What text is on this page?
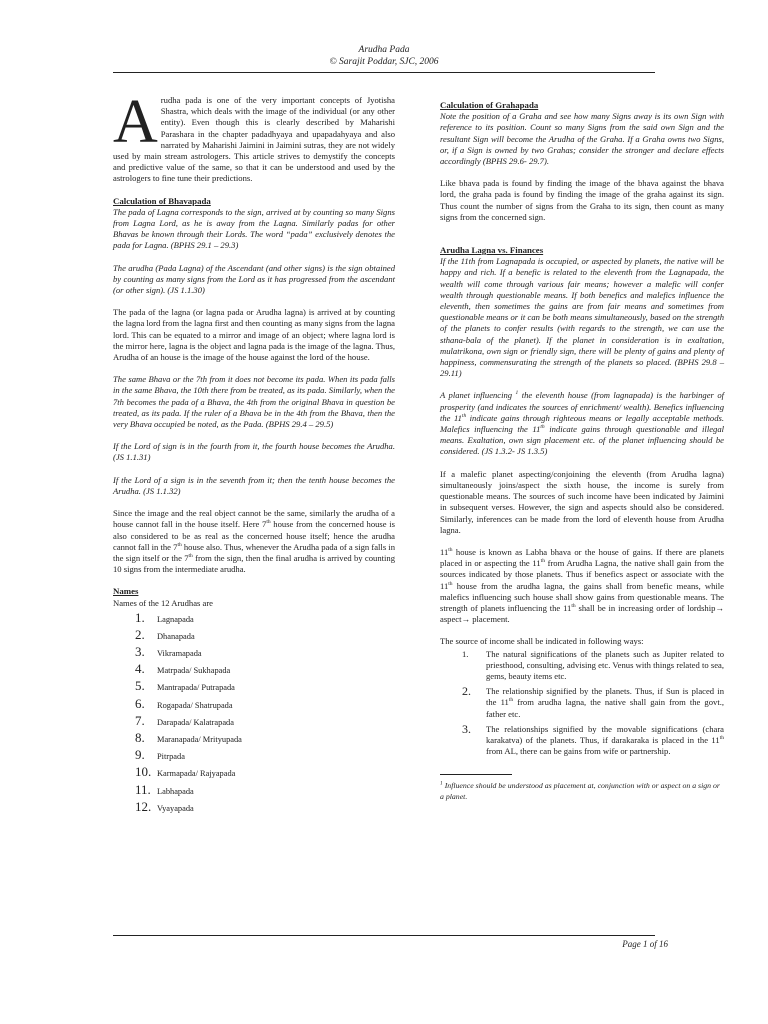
Arudha Pada
© Sarajit Poddar, SJC, 2006

Arudha pada is one of the very important concepts of Jyotisha Shastra, which deals with the image of the individual (or any other entity). Even though this is clearly described by Maharishi Parashara in the chapter padadhyaya and upapadahyaya and also narrated by Maharishi Jaimini in Jaimini sutras, they are not widely used by main stream astrologers. This article strives to demystify the concepts and predictive value of the same, so that it can be understood and used by the astrologers to fine tune their predictions.

Calculation of Bhavapada

The pada of Lagna corresponds to the sign, arrived at by counting so many Signs from Lagna Lord, as he is away from the Lagna. Similarly padas for other Bhavas be known through their Lords. The word “pada” exclusively denotes the pada for Lagna. (BPHS 29.1 – 29.3)

The arudha (Pada Lagna) of the Ascendant (and other signs) is the sign obtained by counting as many signs from the Lord as it has progressed from the ascendant (or other sign). (JS 1.1.30)

The pada of the lagna (or lagna pada or Arudha lagna) is arrived at by counting the lagna lord from the lagna first and then counting as many signs from the lagna lord. This can be equated to a mirror and image of an object; where lagna lord is the mirror here, lagna is the object and lagna pada is the image of the lagna. Thus, Arudha of an house is the image of the house against the lord of the house.

The same Bhava or the 7th from it does not become its pada. When its pada falls in the same Bhava, the 10th there from be treated, as its pada. Similarly, when the 7th becomes the pada of a Bhava, the 4th from the original Bhava in question be treated, as its pada. If the ruler of a Bhava be in the 4th from the Bhava, then the very Bhava occupied be noted, as the Pada. (BPHS 29.4 – 29.5)

If the Lord of sign is in the fourth from it, the fourth house becomes the Arudha. (JS 1.1.31)

If the Lord of a sign is in the seventh from it; then the tenth house becomes the Arudha. (JS 1.1.32)

Since the image and the real object cannot be the same, similarly the arudha of a house cannot fall in the house itself. Here 7th house from the concerned house is also considered to be as real as the concerned house itself; hence the arudha cannot fall in the 7th house also. Thus, whenever the Arudha pada of a sign falls in the sign itself or the 7th from the sign, then the final arudha is arrived by counting 10 signs from the intermediate arudha.

Names
Names of the 12 Arudhas are
1.	Lagnapada
2.	Dhanapada
3.	Vikramapada
4.	Matrpada/ Sukhapada
5.	Mantrapada/ Putrapada
6.	Rogapada/ Shatrupada
7.	Darapada/ Kalatrapada
8.	Maranapada/ Mrityupada
9.	Pitrpada
10. Karmapada/ Rajyapada
11. Labhapada
12. Vyayapada
Calculation of Grahapada

Note the position of a Graha and see how many Signs away is its own Sign with reference to its position. Count so many Signs from the said own Sign and the resultant Sign will become the Arudha of the Graha. If a Graha owns two Signs, or, if a Sign is owned by two Grahas; consider the stronger and declare effects accordingly (BPHS 29.6- 29.7).

Like bhava pada is found by finding the image of the bhava against the bhava lord, the graha pada is found by finding the image of the graha against its sign. Thus count the number of signs from the Graha to its sign, then count as many signs from the concerned sign.

Arudha Lagna vs. Finances

If the 11th from Lagnapada is occupied, or aspected by planets, the native will be happy and rich. If a benefic is related to the eleventh from the Lagnapada, the wealth will come through various fair means; however a malefic will confer wealth through questionable means. If both benefics and malefics influence the eleventh, then sometimes the gains are from fair means and sometimes from questionable means or it can be both means simultaneously, based on the strength of the planets to confer results (with regards to the strength, we can use the sthana-bala of the planet). If the planet in consideration is in exaltation, mulatrikona, own sign or friendly sign, there will be plenty of gains and plenty of happiness, commensurating the strength of the planets so placed. (BPHS 29.8 – 29.11)

A planet influencing $^1$ the eleventh house (from lagnapada) is the harbinger of prosperity (and indicates the sources of enrichment/ wealth). Benefics influencing the 11th indicate gains through righteous means or legally acceptable methods. Malefics influencing the 11th indicate gains through questionable and illegal means. Exaltation, own sign placement etc. of the planet influencing should be considered. (JS 1.3.2- JS 1.3.5)

If a malefic planet aspecting/conjoining the eleventh (from Arudha lagna) simultaneously joins/aspect the sixth house, the income is surely from questionable means. The sources of such income have been indicated by Jaimini in subsequent verses. However, the sign and aspects should also be considered. Similarly, inferences can be made from the lord of eleventh house from Arudha lagna.

11th house is known as Labha bhava or the house of gains. If there are planets placed in or aspecting the 11th from Arudha Lagna, the native shall gain from the sources indicated by those planets. Thus if benefics aspect or associate with the 11th house from the arudha lagna, the gains shall from benefic means, while malefics influencing such house shall show gains from questionable means. The strength of planets influencing the 11th shall be in increasing order of lordship→ aspect→ placement.

The source of income shall be indicated in following ways:
1.	The natural significations of the planets such as Jupiter related to priesthood, consulting, advising etc. Venus with things related to sea, gems, beauty items etc.
2.	The relationship signified by the planets. Thus, if Sun is placed in the 11th from arudha lagna, the native shall gain from the govt., father etc.
3.	The relationships signified by the movable significations (chara karakatva) of the planets. Thus, if darakaraka is placed in the 11th from AL, there can be gains from wife or partnership.
$^1$ Influence should be understood as placement at, conjunction with or aspect on a sign or a planet.
Page 1 of 16
